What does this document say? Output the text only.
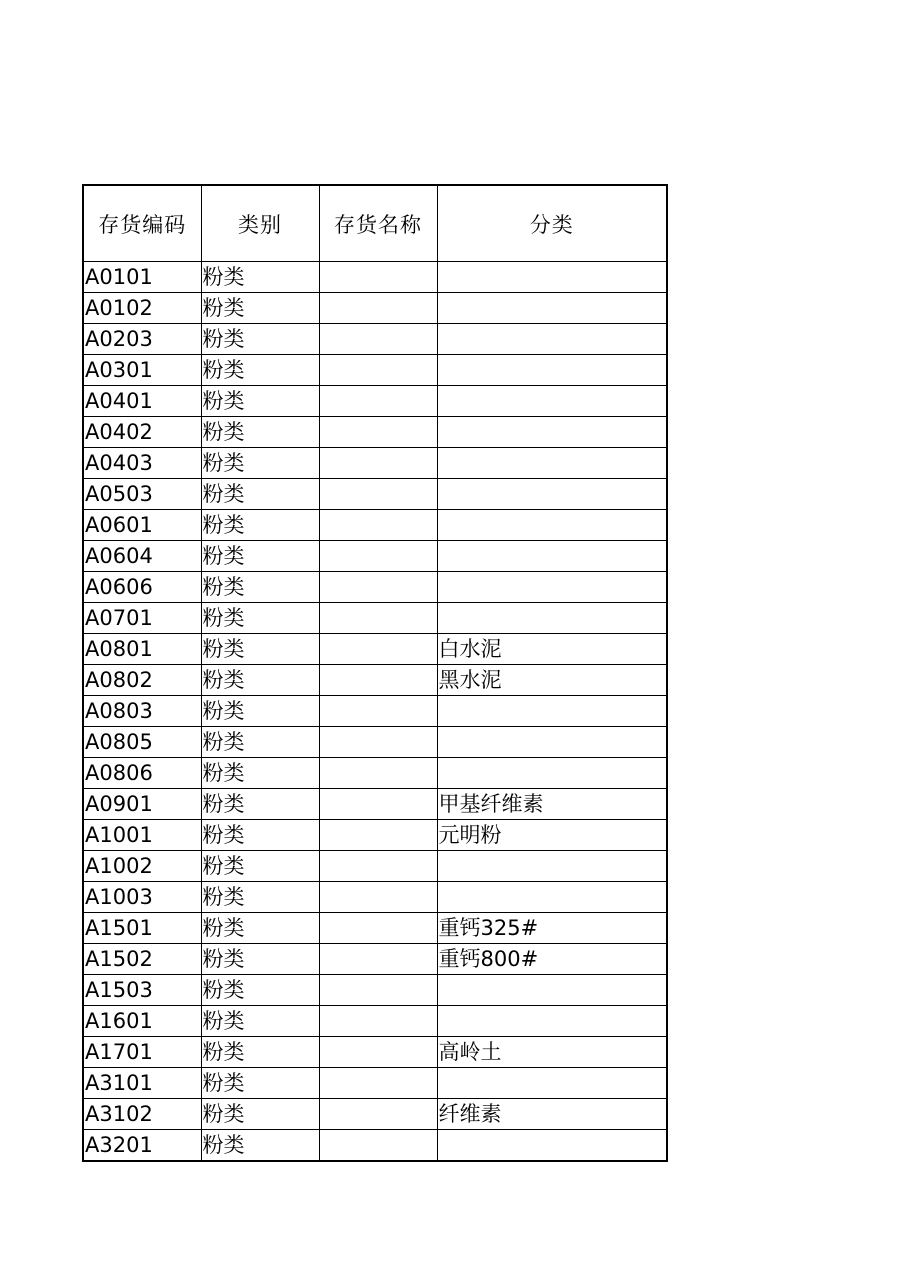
存货编码	类别	存货名称	分类
A0101	粉类		
A0102	粉类		
A0203	粉类		
A0301	粉类		
A0401	粉类		
A0402	粉类		
A0403	粉类		
A0503	粉类		
A0601	粉类		
A0604	粉类		
A0606	粉类		
A0701	粉类		
A0801	粉类		白水泥
A0802	粉类		黑水泥
A0803	粉类		
A0805	粉类		
A0806	粉类		
A0901	粉类		甲基纤维素
A1001	粉类		元明粉
A1002	粉类		
A1003	粉类		
A1501	粉类		重钙325#
A1502	粉类		重钙800#
A1503	粉类		
A1601	粉类		
A1701	粉类		高岭土
A3101	粉类		
A3102	粉类		纤维素
A3201	粉类		
